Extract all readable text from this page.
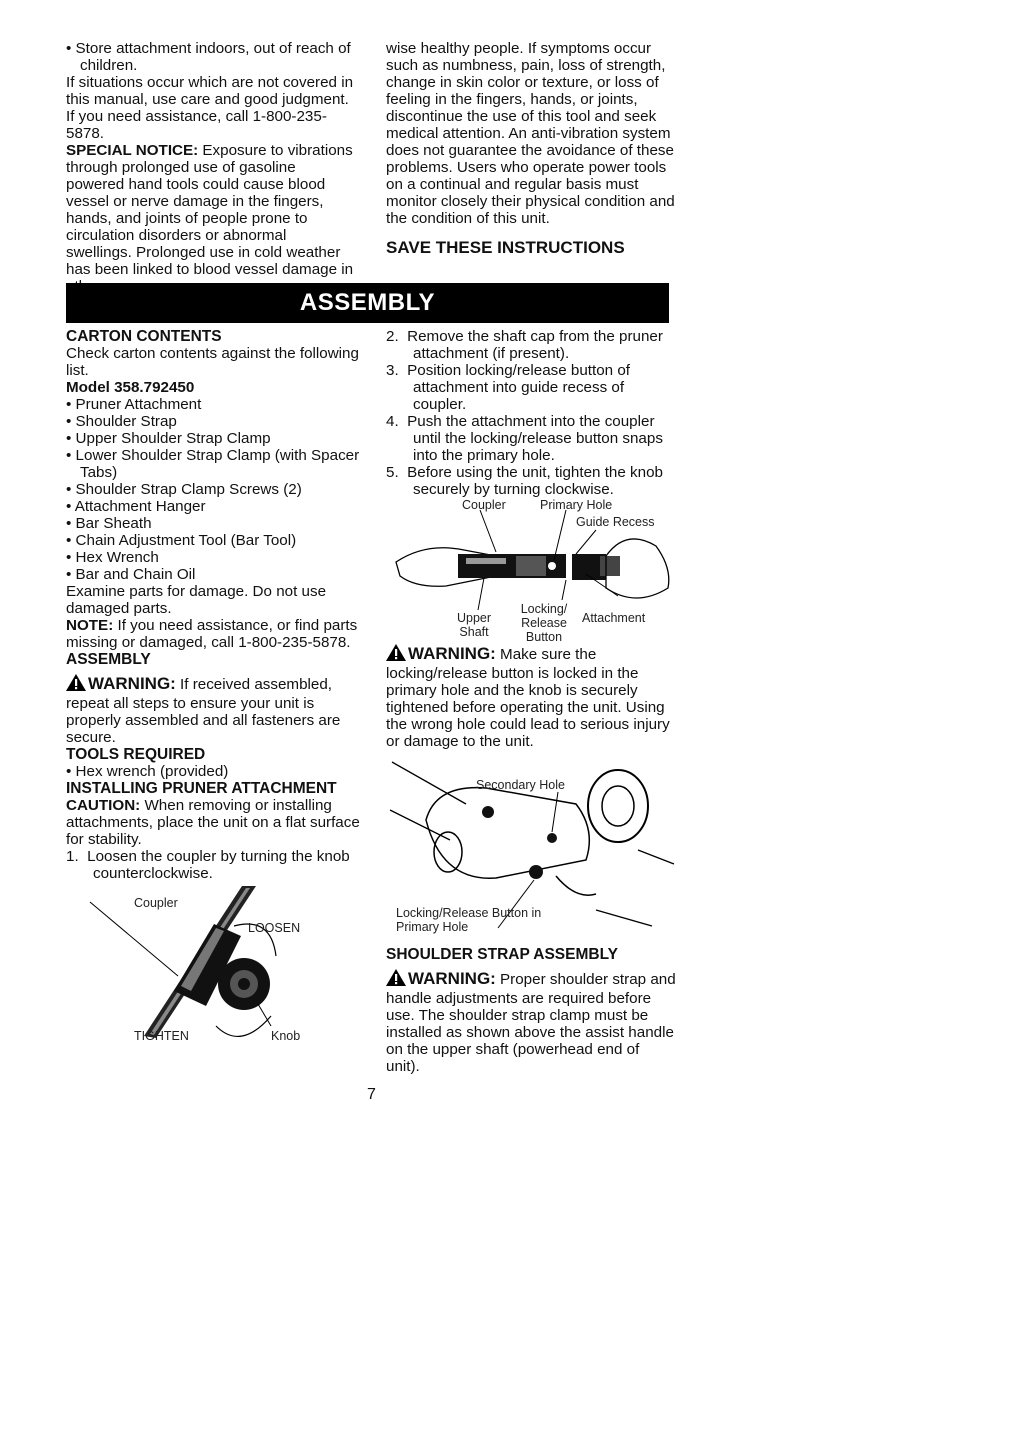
• Store attachment indoors, out of reach of children.

If situations occur which are not covered in this manual, use care and good judgment. If you need assistance, call 1-800-235-5878.

SPECIAL NOTICE: Exposure to vibrations through prolonged use of gasoline powered hand tools could cause blood vessel or nerve damage in the fingers, hands, and joints of people prone to circulation disorders or abnormal swellings. Prolonged use in cold weather has been linked to blood vessel damage in

wise healthy people. If symptoms occur such as numbness, pain, loss of strength, change in skin color or texture, or loss of feeling in the fingers, hands, or joints, discontinue the use of this tool and seek medical attention. An anti-vibration system does not guarantee the avoidance of these problems. Users who operate power tools on a continual and regular basis must monitor closely their physical condition and the condition of this unit.

SAVE THESE INSTRUCTIONS

ASSEMBLY

CARTON CONTENTS

Check carton contents against the following list.

Model 358.792450

• Pruner Attachment

• Shoulder Strap

• Upper Shoulder Strap Clamp

• Lower Shoulder Strap Clamp (with Spacer Tabs)

• Shoulder Strap Clamp Screws (2)

• Attachment Hanger

• Bar Sheath

• Chain Adjustment Tool (Bar Tool)

• Hex Wrench

• Bar and Chain Oil

Examine parts for damage. Do not use damaged parts.

NOTE: If you need assistance, or find parts missing or damaged, call 1-800-235-5878.

ASSEMBLY

WARNING: If received assembled, repeat all steps to ensure your unit is properly assembled and all fasteners are secure.

TOOLS REQUIRED

• Hex wrench (provided)

INSTALLING PRUNER ATTACHMENT

CAUTION: When removing or installing attachments, place the unit on a flat surface for stability.

1. Loosen the coupler by turning the knob counterclockwise.

Coupler
LOOSEN
TIGHTEN	Knob

2. Remove the shaft cap from the pruner attachment (if present).

3. Position locking/release button of attachment into guide recess of coupler.

4. Push the attachment into the coupler until the locking/release button snaps into the primary hole.

5. Before using the unit, tighten the knob securely by turning clockwise.

Coupler	Primary Hole
Guide Recess
Upper Shaft
Locking/ Release Button
Attachment

WARNING: Make sure the locking/release button is locked in the primary hole and the knob is securely tightened before operating the unit. Using the wrong hole could lead to serious injury or damage to the unit.

Secondary Hole
Locking/Release Button in Primary Hole

SHOULDER STRAP ASSEMBLY

WARNING: Proper shoulder strap and handle adjustments are required before use. The shoulder strap clamp must be installed as shown above the assist handle on the upper shaft (powerhead end of unit).

7
